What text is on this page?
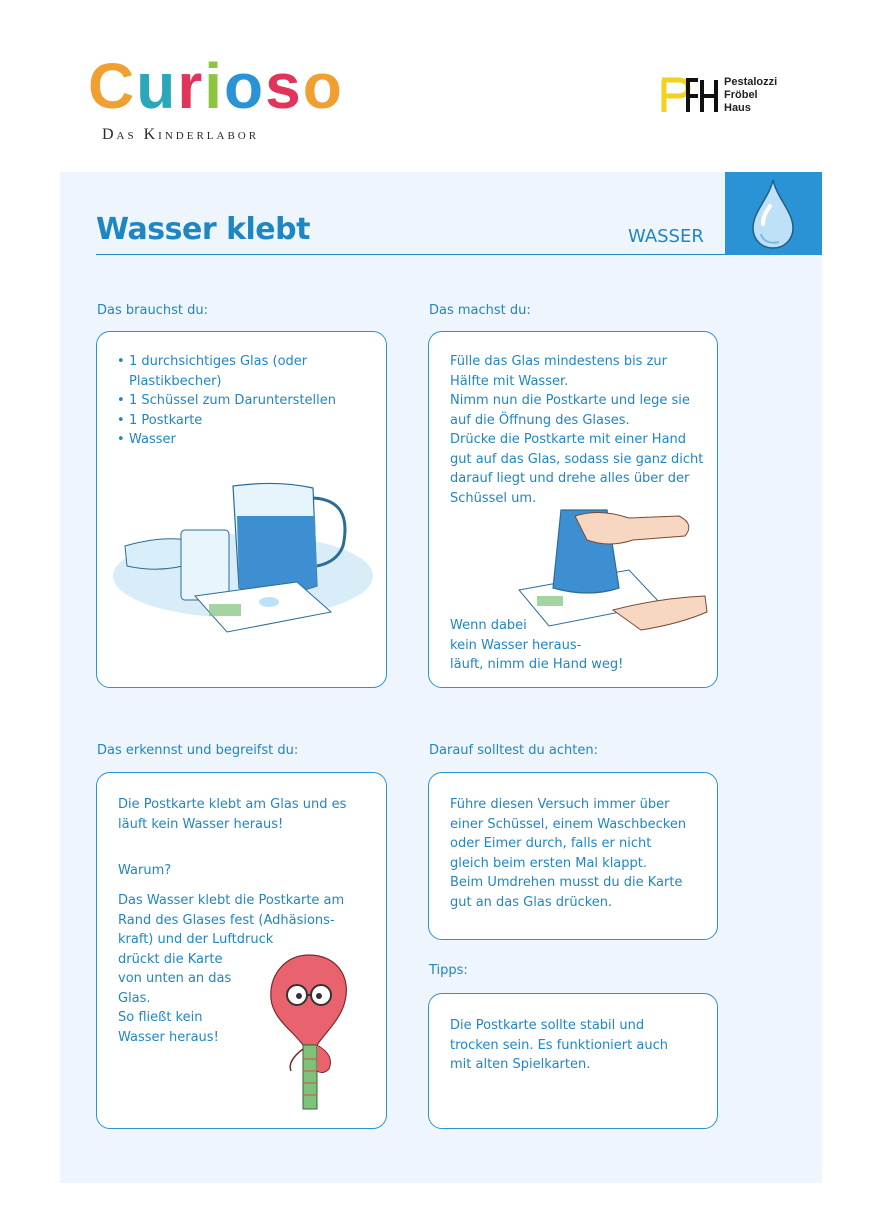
Curioso
Das Kinderlabor
Pestalozzi
Fröbel
Haus
Wasser klebt	WASSER
Das brauchst du:
• 1 durchsichtiges Glas (oder Plastikbecher)
• 1 Schüssel zum Darunterstellen
• 1 Postkarte
• Wasser
Das machst du:
Fülle das Glas mindestens bis zur Hälfte mit Wasser.
Nimm nun die Postkarte und lege sie auf die Öffnung des Glases.
Drücke die Postkarte mit einer Hand gut auf das Glas, sodass sie ganz dicht darauf liegt und drehe alles über der Schüssel um.
Wenn dabei
kein Wasser heraus-
läuft, nimm die Hand weg!
Das erkennst und begreifst du:
Die Postkarte klebt am Glas und es
läuft kein Wasser heraus!
Warum?
Das Wasser klebt die Postkarte am
Rand des Glases fest (Adhäsions-
kraft) und der Luftdruck
drückt die Karte
von unten an das
Glas.
So fließt kein
Wasser heraus!
Darauf solltest du achten:
Führe diesen Versuch immer über
einer Schüssel, einem Waschbecken
oder Eimer durch, falls er nicht
gleich beim ersten Mal klappt.
Beim Umdrehen musst du die Karte
gut an das Glas drücken.
Tipps:
Die Postkarte sollte stabil und
trocken sein. Es funktioniert auch
mit alten Spielkarten.
